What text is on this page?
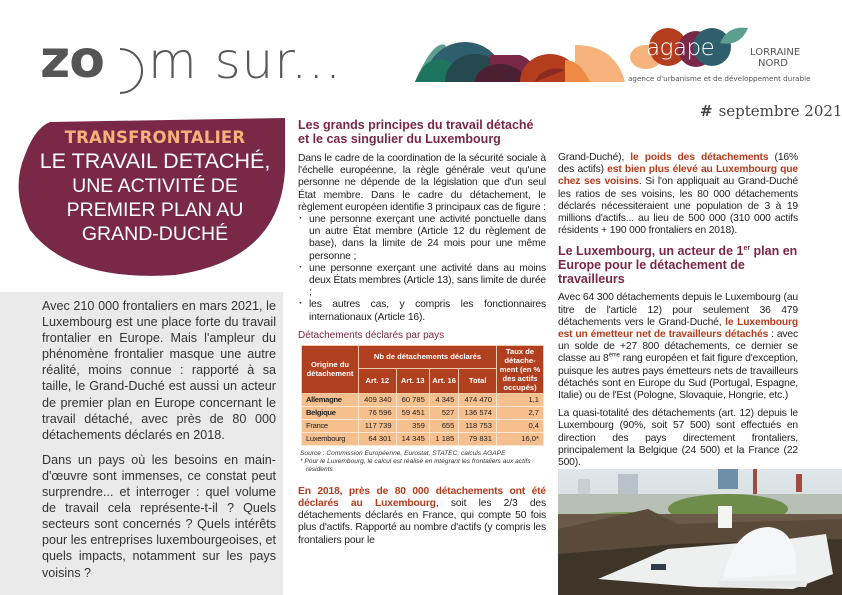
zo m sur...	agape	LORRAINE
NORD
agence d'urbanisme et de développement durable
# septembre 2021
TRANSFRONTALIER
LE TRAVAIL DETACHÉ,
UNE ACTIVITÉ DE
PREMIER PLAN AU
GRAND-DUCHÉ

Avec 210 000 frontaliers en mars 2021, le Luxembourg est une place forte du travail frontalier en Europe. Mais l'ampleur du phénomène frontalier masque une autre réalité, moins connue : rapporté à sa taille, le Grand-Duché est aussi un acteur de premier plan en Europe concernant le travail détaché, avec près de 80 000 détachements déclarés en 2018.

Dans un pays où les besoins en main-d'œuvre sont immenses, ce constat peut surprendre... et interroger : quel volume de travail cela représente-t-il ? Quels secteurs sont concernés ? Quels intérêts pour les entreprises luxembourgeoises, et quels impacts, notamment sur les pays voisins ?

Les grands principes du travail détaché et le cas singulier du Luxembourg
Dans le cadre de la coordination de la sécurité sociale à l'échelle européenne, la règle générale veut qu'une personne ne dépende de la législation que d'un seul État membre. Dans le cadre du détachement, le règlement européen identifie 3 principaux cas de figure :
· une personne exerçant une activité ponctuelle dans un autre État membre (Article 12 du règlement de base), dans la limite de 24 mois pour une même personne ;
· une personne exerçant une activité dans au moins deux États membres (Article 13), sans limite de durée ;
· les autres cas, y compris les fonctionnaires internationaux (Article 16).
Détachements déclarés par pays
Origine du détachement	Nb de détachements déclarés				Taux de détache-ment (en % des actifs occupés)
	Art. 12	Art. 13	Art. 16	Total	
Allemagne	409 340	60 785	4 345	474 470	1,1
Belgique	76 596	59 451	527	136 574	2,7
France	117 739	359	655	118 753	0,4
Luxembourg	64 301	14 345	1 185	79 831	16,0*
Source : Commission Européenne, Eurostat, STATEC, calculs AGAPE
* Pour le Luxembourg, le calcul est réalisé en intégrant les frontaliers aux actifs résidents
En 2018, près de 80 000 détachements ont été déclarés au Luxembourg, soit les 2/3 des détachements déclarés en France, qui compte 50 fois plus d'actifs. Rapporté au nombre d'actifs (y compris les frontaliers pour le
Grand-Duché), le poids des détachements (16% des actifs) est bien plus élevé au Luxembourg que chez ses voisins. Si l'on appliquait au Grand-Duché les ratios de ses voisins, les 80 000 détachements déclarés nécessiteraient une population de 3 à 19 millions d'actifs... au lieu de 500 000 (310 000 actifs résidents + 190 000 frontaliers en 2018).
Le Luxembourg, un acteur de 1er plan en Europe pour le détachement de travailleurs
Avec 64 300 détachements depuis le Luxembourg (au titre de l'article 12) pour seulement 36 479 détachements vers le Grand-Duché, le Luxembourg est un émetteur net de travailleurs détachés : avec un solde de +27 800 détachements, ce dernier se classe au 8ème rang européen et fait figure d'exception, puisque les autres pays émetteurs nets de travailleurs détachés sont en Europe du Sud (Portugal, Espagne, Italie) ou de l'Est (Pologne, Slovaquie, Hongrie, etc.)
La quasi-totalité des détachements (art. 12) depuis le Luxembourg (90%, soit 57 500) sont effectués en direction des pays directement frontaliers, principalement la Belgique (24 500) et la France (22 500).
